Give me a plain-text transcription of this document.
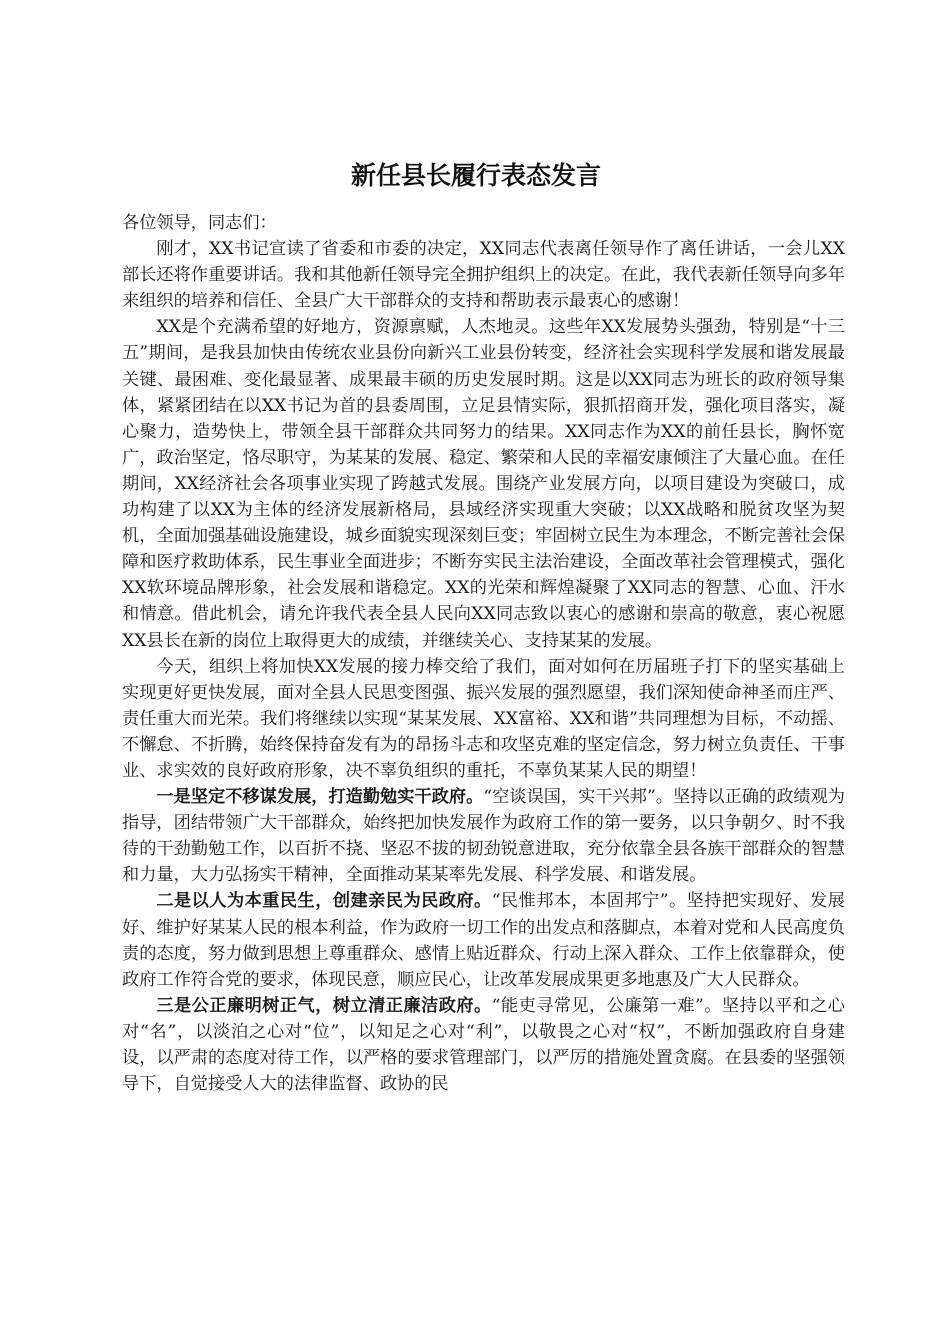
新任县长履行表态发言

各位领导，同志们：

刚才，XX书记宣读了省委和市委的决定，XX同志代表离任领导作了离任讲话，一会儿XX部长还将作重要讲话。我和其他新任领导完全拥护组织上的决定。在此，我代表新任领导向多年来组织的培养和信任、全县广大干部群众的支持和帮助表示最衷心的感谢！

XX是个充满希望的好地方，资源禀赋，人杰地灵。这些年XX发展势头强劲，特别是“十三五”期间，是我县加快由传统农业县份向新兴工业县份转变，经济社会实现科学发展和谐发展最关键、最困难、变化最显著、成果最丰硕的历史发展时期。这是以XX同志为班长的政府领导集体，紧紧团结在以XX书记为首的县委周围，立足县情实际，狠抓招商开发，强化项目落实，凝心聚力，造势快上，带领全县干部群众共同努力的结果。XX同志作为XX的前任县长，胸怀宽广，政治坚定，恪尽职守，为某某的发展、稳定、繁荣和人民的幸福安康倾注了大量心血。在任期间，XX经济社会各项事业实现了跨越式发展。围绕产业发展方向，以项目建设为突破口，成功构建了以XX为主体的经济发展新格局，县域经济实现重大突破；以XX战略和脱贫攻坚为契机，全面加强基础设施建设，城乡面貌实现深刻巨变；牢固树立民生为本理念，不断完善社会保障和医疗救助体系，民生事业全面进步；不断夯实民主法治建设，全面改革社会管理模式，强化XX软环境品牌形象，社会发展和谐稳定。XX的光荣和辉煌凝聚了XX同志的智慧、心血、汗水和情意。借此机会，请允许我代表全县人民向XX同志致以衷心的感谢和崇高的敬意，衷心祝愿XX县长在新的岗位上取得更大的成绩，并继续关心、支持某某的发展。

今天，组织上将加快XX发展的接力棒交给了我们，面对如何在历届班子打下的坚实基础上实现更好更快发展，面对全县人民思变图强、振兴发展的强烈愿望，我们深知使命神圣而庄严、责任重大而光荣。我们将继续以实现“某某发展、XX富裕、XX和谐”共同理想为目标，不动摇、不懈怠、不折腾，始终保持奋发有为的昂扬斗志和攻坚克难的坚定信念，努力树立负责任、干事业、求实效的良好政府形象，决不辜负组织的重托，不辜负某某人民的期望！

一是坚定不移谋发展，打造勤勉实干政府。“空谈误国，实干兴邦”。坚持以正确的政绩观为指导，团结带领广大干部群众，始终把加快发展作为政府工作的第一要务，以只争朝夕、时不我待的干劲勤勉工作，以百折不挠、坚忍不拔的韧劲锐意进取，充分依靠全县各族干部群众的智慧和力量，大力弘扬实干精神，全面推动某某率先发展、科学发展、和谐发展。

二是以人为本重民生，创建亲民为民政府。“民惟邦本，本固邦宁”。坚持把实现好、发展好、维护好某某人民的根本利益，作为政府一切工作的出发点和落脚点，本着对党和人民高度负责的态度，努力做到思想上尊重群众、感情上贴近群众、行动上深入群众、工作上依靠群众，使政府工作符合党的要求，体现民意，顺应民心，让改革发展成果更多地惠及广大人民群众。

三是公正廉明树正气，树立清正廉洁政府。“能吏寻常见，公廉第一难”。坚持以平和之心对“名”，以淡泊之心对“位”，以知足之心对“利”，以敬畏之心对“权”，不断加强政府自身建设，以严肃的态度对待工作，以严格的要求管理部门，以严厉的措施处置贪腐。在县委的坚强领导下，自觉接受人大的法律监督、政协的民
